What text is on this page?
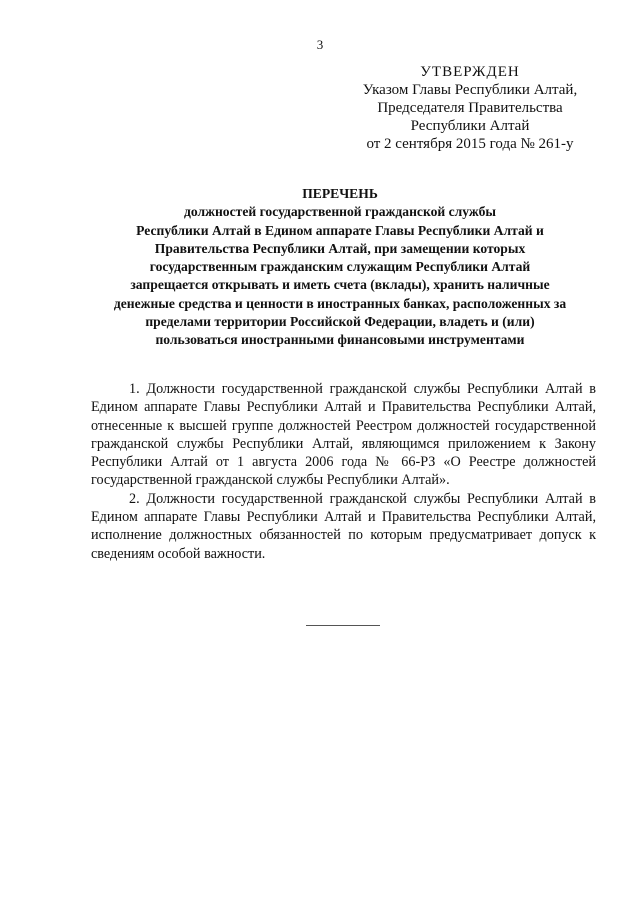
3
УТВЕРЖДЕН
Указом Главы Республики Алтай,
Председателя Правительства
Республики Алтай
от 2 сентября 2015 года № 261-у
ПЕРЕЧЕНЬ
должностей государственной гражданской службы
Республики Алтай в Едином аппарате Главы Республики Алтай и
Правительства Республики Алтай, при замещении которых
государственным гражданским служащим Республики Алтай
запрещается открывать и иметь счета (вклады), хранить наличные
денежные средства и ценности в иностранных банках, расположенных за
пределами территории Российской Федерации, владеть и (или)
пользоваться иностранными финансовыми инструментами

1. Должности государственной гражданской службы Республики Алтай в Едином аппарате Главы Республики Алтай и Правительства Республики Алтай, отнесенные к высшей группе должностей Реестром должностей государственной гражданской службы Республики Алтай, являющимся приложением к Закону Республики Алтай от 1 августа 2006 года № 66-РЗ «О Реестре должностей государственной гражданской службы Республики Алтай».

2. Должности государственной гражданской службы Республики Алтай в Едином аппарате Главы Республики Алтай и Правительства Республики Алтай, исполнение должностных обязанностей по которым предусматривает допуск к сведениям особой важности.
